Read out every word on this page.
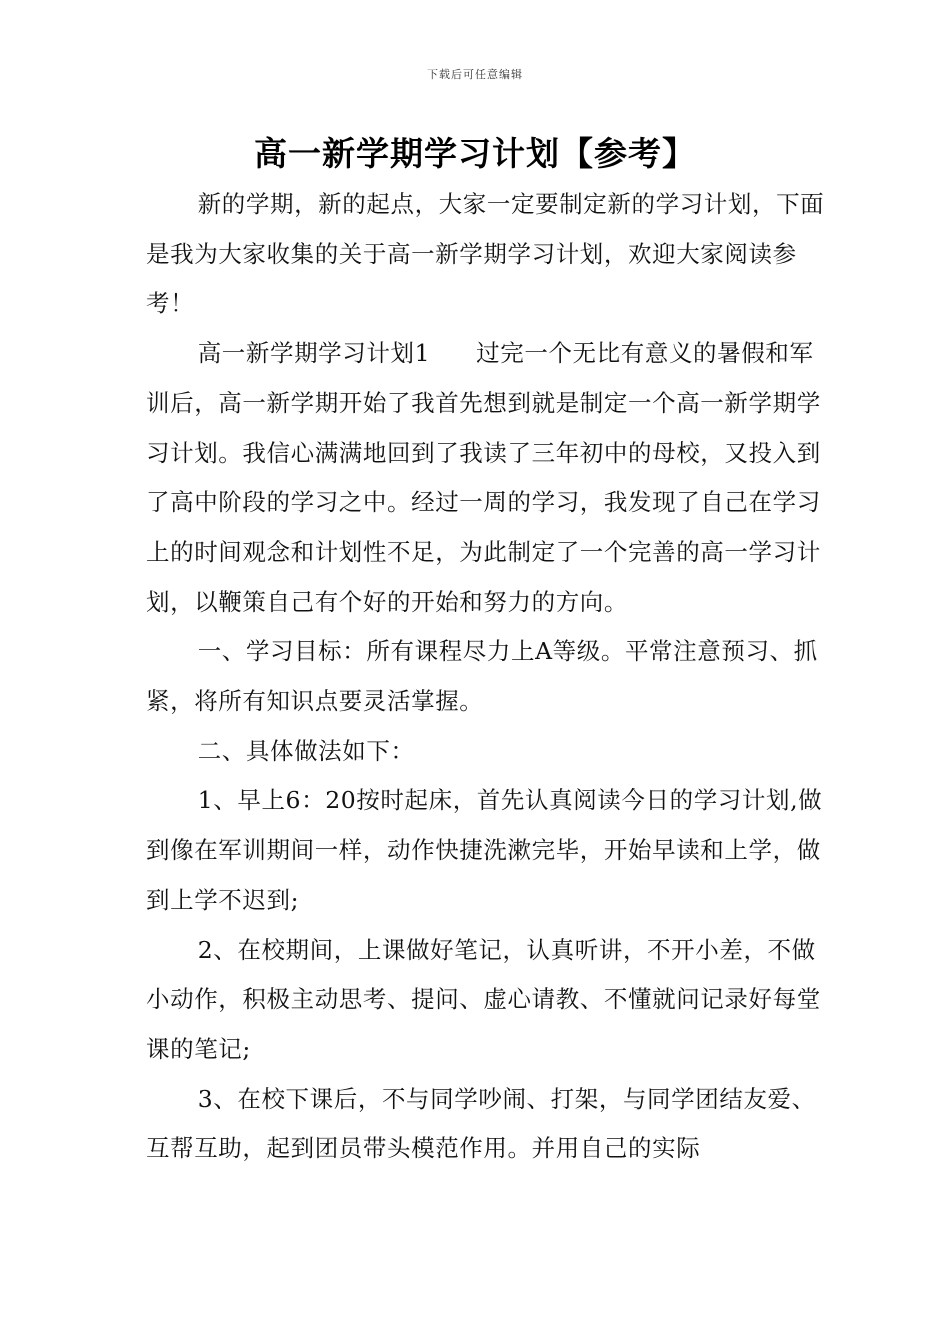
下载后可任意编辑
高一新学期学习计划【参考】

新的学期，新的起点，大家一定要制定新的学习计划，下面是我为大家收集的关于高一新学期学习计划，欢迎大家阅读参考！

高一新学期学习计划1 过完一个无比有意义的暑假和军训后，高一新学期开始了我首先想到就是制定一个高一新学期学习计划。我信心满满地回到了我读了三年初中的母校，又投入到了高中阶段的学习之中。经过一周的学习，我发现了自己在学习上的时间观念和计划性不足，为此制定了一个完善的高一学习计划，以鞭策自己有个好的开始和努力的方向。

一、学习目标：所有课程尽力上A等级。平常注意预习、抓紧，将所有知识点要灵活掌握。

二、具体做法如下：

1、早上6：20按时起床，首先认真阅读今日的学习计划,做到像在军训期间一样，动作快捷洗漱完毕，开始早读和上学，做到上学不迟到;

2、在校期间，上课做好笔记，认真听讲，不开小差，不做小动作，积极主动思考、提问、虚心请教、不懂就问记录好每堂课的笔记;

3、在校下课后，不与同学吵闹、打架，与同学团结友爱、互帮互助，起到团员带头模范作用。并用自己的实际
